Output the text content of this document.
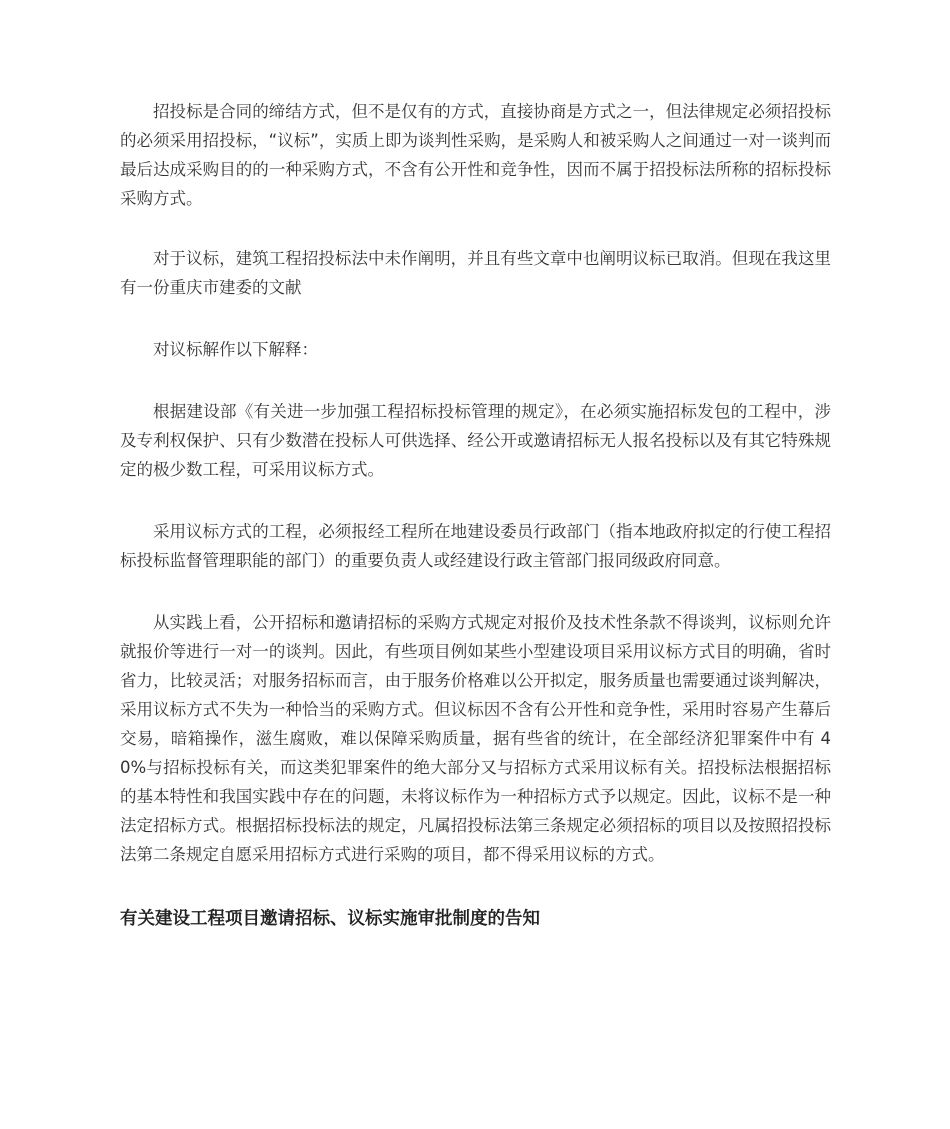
招投标是合同的缔结方式，但不是仅有的方式，直接协商是方式之一，但法律规定必须招投标的必须采用招投标，“议标”，实质上即为谈判性采购，是采购人和被采购人之间通过一对一谈判而最后达成采购目的的一种采购方式，不含有公开性和竞争性，因而不属于招投标法所称的招标投标采购方式。

对于议标，建筑工程招投标法中未作阐明，并且有些文章中也阐明议标已取消。但现在我这里有一份重庆市建委的文献

对议标解作以下解释：

根据建设部《有关进一步加强工程招标投标管理的规定》，在必须实施招标发包的工程中，涉及专利权保护、只有少数潜在投标人可供选择、经公开或邀请招标无人报名投标以及有其它特殊规定的极少数工程，可采用议标方式。

采用议标方式的工程，必须报经工程所在地建设委员行政部门（指本地政府拟定的行使工程招标投标监督管理职能的部门）的重要负责人或经建设行政主管部门报同级政府同意。

从实践上看，公开招标和邀请招标的采购方式规定对报价及技术性条款不得谈判，议标则允许就报价等进行一对一的谈判。因此，有些项目例如某些小型建设项目采用议标方式目的明确，省时省力，比较灵活；对服务招标而言，由于服务价格难以公开拟定，服务质量也需要通过谈判解决，采用议标方式不失为一种恰当的采购方式。但议标因不含有公开性和竞争性，采用时容易产生幕后交易，暗箱操作，滋生腐败，难以保障采购质量，据有些省的统计，在全部经济犯罪案件中有 40%与招标投标有关，而这类犯罪案件的绝大部分又与招标方式采用议标有关。招投标法根据招标的基本特性和我国实践中存在的问题，未将议标作为一种招标方式予以规定。因此，议标不是一种法定招标方式。根据招标投标法的规定，凡属招投标法第三条规定必须招标的项目以及按照招投标法第二条规定自愿采用招标方式进行采购的项目，都不得采用议标的方式。

有关建设工程项目邀请招标、议标实施审批制度的告知
